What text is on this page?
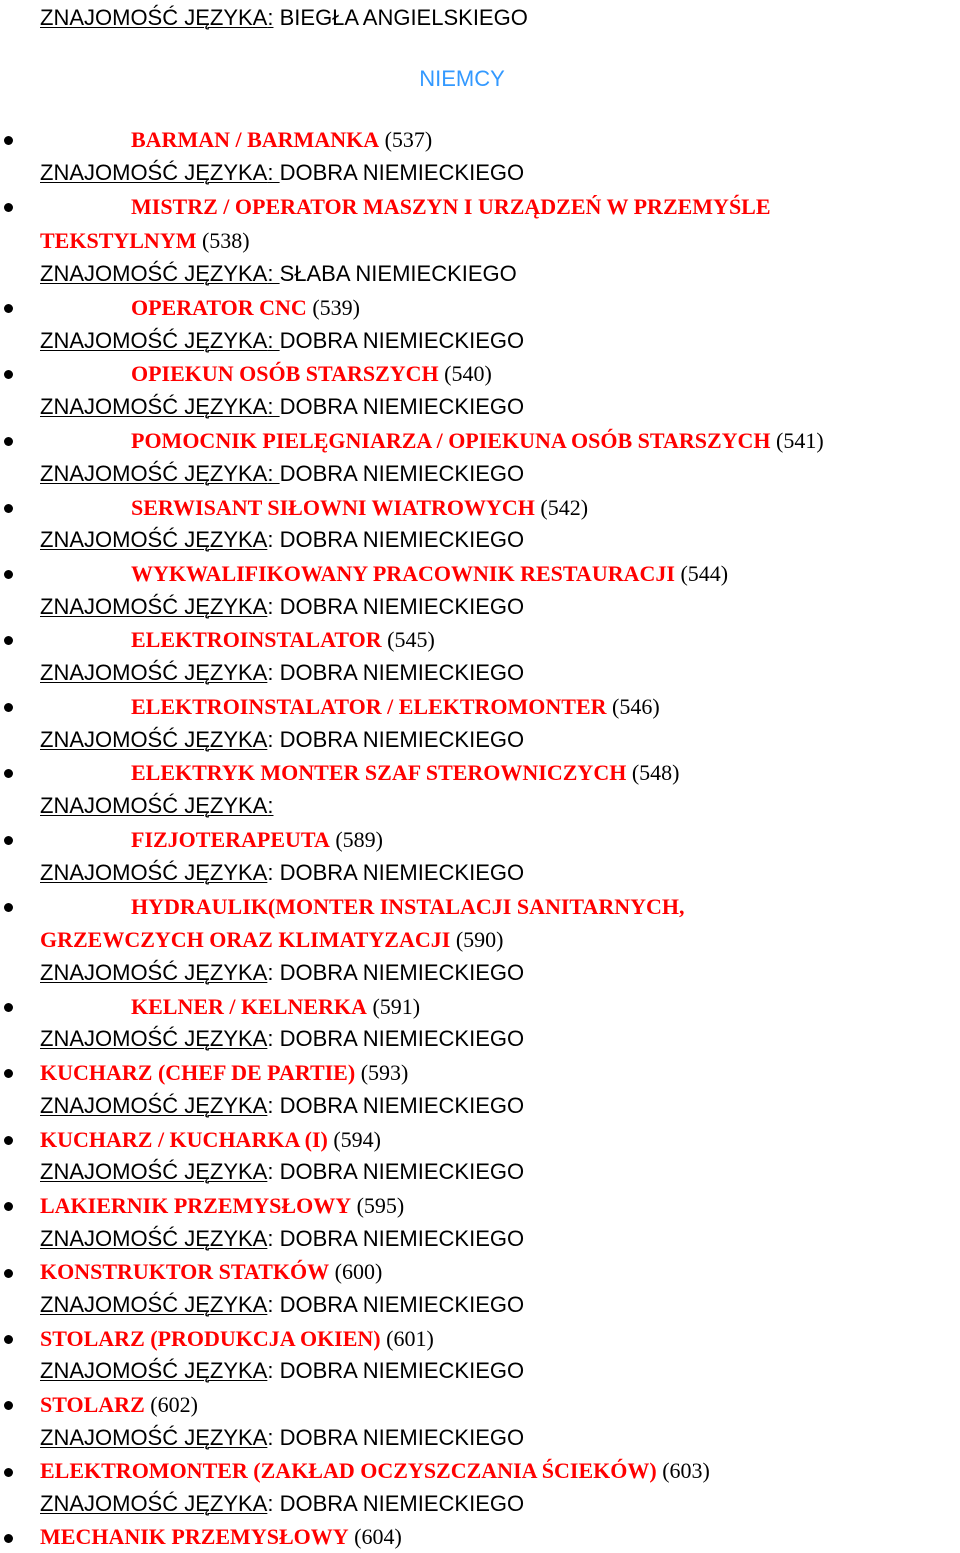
ZNAJOMOŚĆ JĘZYKA: BIEGŁA ANGIELSKIEGO
NIEMCY
BARMAN / BARMANKA (537)
ZNAJOMOŚĆ JĘZYKA: DOBRA NIEMIECKIEGO
MISTRZ / OPERATOR MASZYN I URZĄDZEŃ W PRZEMYŚLE
TEKSTYLNYM (538)
ZNAJOMOŚĆ JĘZYKA: SŁABA NIEMIECKIEGO
OPERATOR CNC (539)
ZNAJOMOŚĆ JĘZYKA: DOBRA NIEMIECKIEGO
OPIEKUN OSÓB STARSZYCH (540)
ZNAJOMOŚĆ JĘZYKA: DOBRA NIEMIECKIEGO
POMOCNIK PIELĘGNIARZA / OPIEKUNA OSÓB STARSZYCH (541)
ZNAJOMOŚĆ JĘZYKA: DOBRA NIEMIECKIEGO
SERWISANT SIŁOWNI WIATROWYCH (542)
ZNAJOMOŚĆ JĘZYKA: DOBRA NIEMIECKIEGO
WYKWALIFIKOWANY PRACOWNIK RESTAURACJI (544)
ZNAJOMOŚĆ JĘZYKA: DOBRA NIEMIECKIEGO
ELEKTROINSTALATOR (545)
ZNAJOMOŚĆ JĘZYKA: DOBRA NIEMIECKIEGO
ELEKTROINSTALATOR / ELEKTROMONTER (546)
ZNAJOMOŚĆ JĘZYKA: DOBRA NIEMIECKIEGO
ELEKTRYK MONTER SZAF STEROWNICZYCH (548)
ZNAJOMOŚĆ JĘZYKA:
FIZJOTERAPEUTA (589)
ZNAJOMOŚĆ JĘZYKA: DOBRA NIEMIECKIEGO
HYDRAULIK(MONTER INSTALACJI SANITARNYCH,
GRZEWCZYCH ORAZ KLIMATYZACJI (590)
ZNAJOMOŚĆ JĘZYKA: DOBRA NIEMIECKIEGO
KELNER / KELNERKA (591)
ZNAJOMOŚĆ JĘZYKA: DOBRA NIEMIECKIEGO
KUCHARZ (CHEF DE PARTIE) (593)
ZNAJOMOŚĆ JĘZYKA: DOBRA NIEMIECKIEGO
KUCHARZ / KUCHARKA (I) (594)
ZNAJOMOŚĆ JĘZYKA: DOBRA NIEMIECKIEGO
LAKIERNIK PRZEMYSŁOWY (595)
ZNAJOMOŚĆ JĘZYKA: DOBRA NIEMIECKIEGO
KONSTRUKTOR STATKÓW (600)
ZNAJOMOŚĆ JĘZYKA: DOBRA NIEMIECKIEGO
STOLARZ (PRODUKCJA OKIEN) (601)
ZNAJOMOŚĆ JĘZYKA: DOBRA NIEMIECKIEGO
STOLARZ (602)
ZNAJOMOŚĆ JĘZYKA: DOBRA NIEMIECKIEGO
ELEKTROMONTER (ZAKŁAD OCZYSZCZANIA ŚCIEKÓW) (603)
ZNAJOMOŚĆ JĘZYKA: DOBRA NIEMIECKIEGO
MECHANIK PRZEMYSŁOWY (604)
